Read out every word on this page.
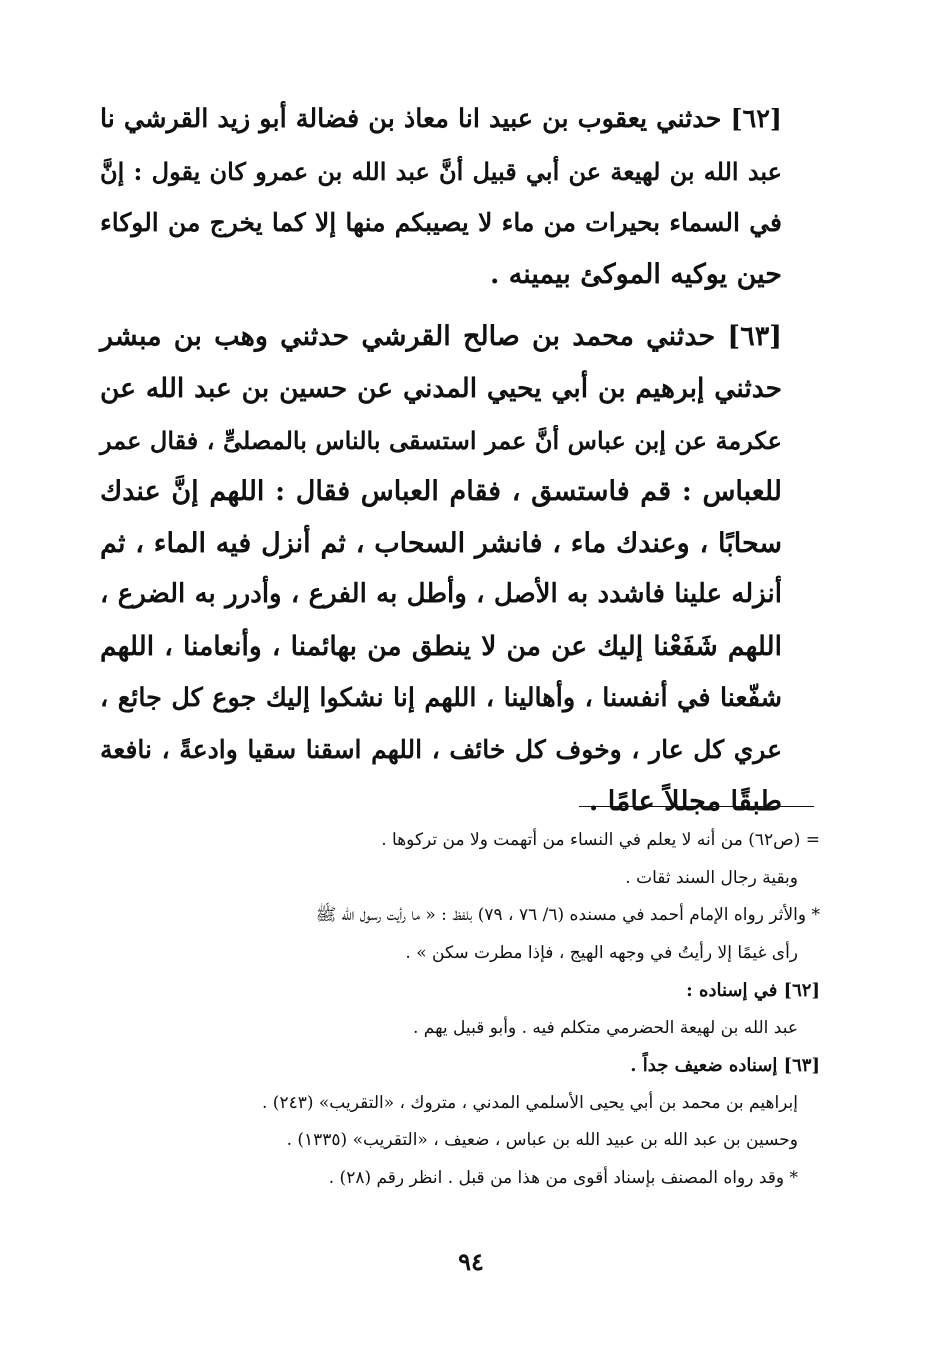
[٦٢] حدثني يعقوب بن عبيد انا معاذ بن فضالة أبو زيد القرشي نا
عبد الله بن لهيعة عن أبي قبيل أنَّ عبد الله بن عمرو كان يقول : إنَّ
في السماء بحيرات من ماء لا يصيبكم منها إلا كما يخرج من الوكاء
حين يوكيه الموكئ بيمينه .
[٦٣] حدثني محمد بن صالح القرشي حدثني وهب بن مبشر
حدثني إبرهيم بن أبي يحيي المدني عن حسين بن عبد الله عن
عكرمة عن إبن عباس أنَّ عمر استسقى بالناس بالمصلىٍّ ، فقال عمر
للعباس : قم فاستسق ، فقام العباس فقال : اللهم إنَّ عندك
سحابًا ، وعندك ماء ، فانشر السحاب ، ثم أنزل فيه الماء ، ثم
أنزله علينا فاشدد به الأصل ، وأطل به الفرع ، وأدرر به الضرع ،
اللهم شَفَعْنا إليك عن من لا ينطق من بهائمنا ، وأنعامنا ، اللهم
شفّعنا في أنفسنا ، وأهالينا ، اللهم إنا نشكوا إليك جوع كل جائع ،
عري كل عار ، وخوف كل خائف ، اللهم اسقنا سقيا وادعةً ، نافعة
طبقًا مجللاً عامًا .
= (ص٦٢) من أنه لا يعلم في النساء من أتهمت ولا من تركوها .
وبقية رجال السند ثقات .
* والأثر رواه الإمام أحمد في مسنده (٦/ ٧٦ ، ٧٩) بلفظ : « ما رأيت رسول الله ﷺ
رأى غيمًا إلا رأيتُ في وجهه الهيج ، فإذا مطرت سكن » .
[٦٢] في إسناده :
عبد الله بن لهيعة الحضرمي متكلم فيه . وأبو قبيل يهم .
[٦٣] إسناده ضعيف جداً .
إبراهيم بن محمد بن أبي يحيى الأسلمي المدني ، متروك ، «التقريب» (٢٤٣) .
وحسين بن عبد الله بن عبيد الله بن عباس ، ضعيف ، «التقريب» (١٣٣٥) .
* وقد رواه المصنف بإسناد أقوى من هذا من قبل . انظر رقم (٢٨) .
٩٤
